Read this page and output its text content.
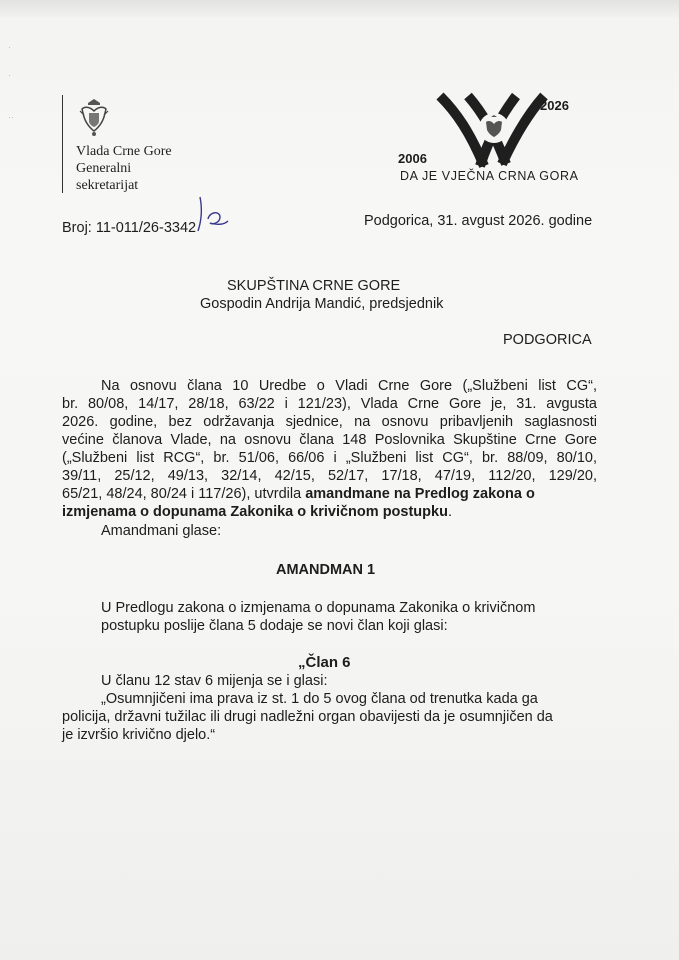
·

·

··
Vlada Crne Gore
Generalni
sekretarijat
2026
2006
DA JE VJEČNA CRNA GORA
Broj: 11-011/26-3342	Podgorica, 31. avgust 2026. godine
SKUPŠTINA CRNE GORE
Gospodin Andrija Mandić, predsjednik
PODGORICA
Na osnovu člana 10 Uredbe o Vladi Crne Gore („Službeni list CG“,
br. 80/08, 14/17, 28/18, 63/22 i 121/23), Vlada Crne Gore je, 31. avgusta
2026. godine, bez održavanja sjednice, na osnovu pribavljenih saglasnosti
većine članova Vlade, na osnovu člana 148 Poslovnika Skupštine Crne Gore
(„Službeni list RCG“, br. 51/06, 66/06 i „Službeni list CG“, br. 88/09, 80/10,
39/11, 25/12, 49/13, 32/14, 42/15, 52/17, 17/18, 47/19, 112/20, 129/20,
65/21, 48/24, 80/24 i 117/26), utvrdila amandmane na Predlog zakona o
izmjenama o dopunama Zakonika o krivičnom postupku.
Amandmani glase:
AMANDMAN 1
U Predlogu zakona o izmjenama o dopunama Zakonika o krivičnom
postupku poslije člana 5 dodaje se novi član koji glasi:
„Član 6
U članu 12 stav 6 mijenja se i glasi:
„Osumnjičeni ima prava iz st. 1 do 5 ovog člana od trenutka kada ga
policija, državni tužilac ili drugi nadležni organ obavijesti da je osumnjičen da
je izvršio krivično djelo.“
